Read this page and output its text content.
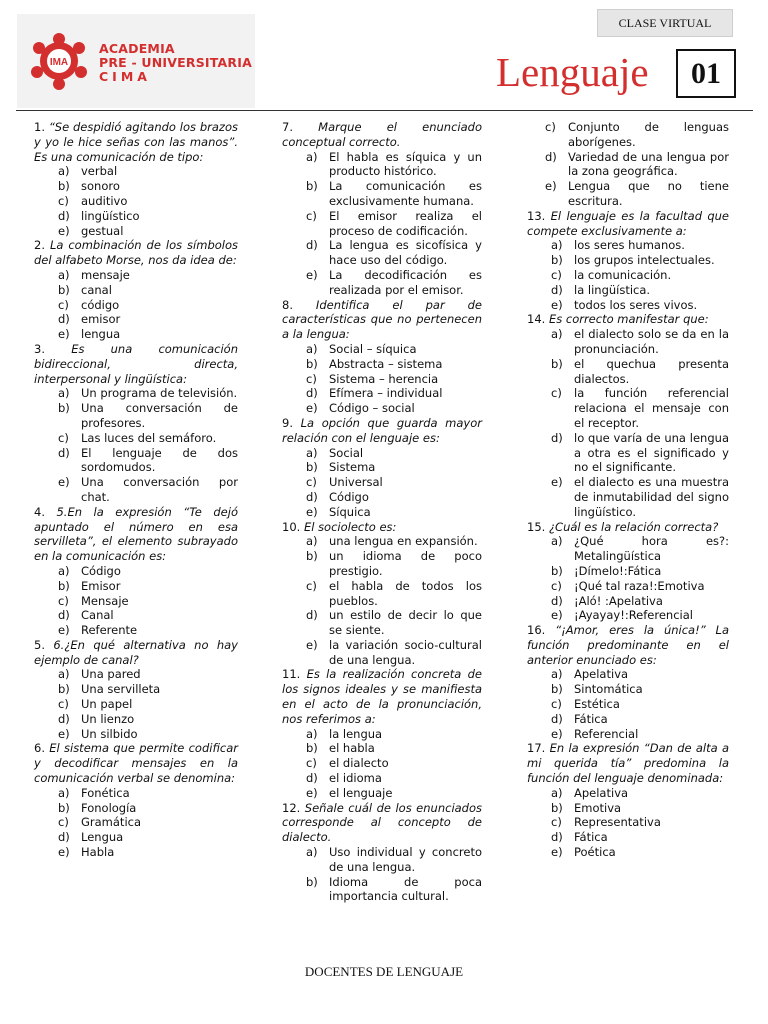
IMA
ACADEMIA
PRE - UNIVERSITARIA
CIMA
CLASE VIRTUAL
Lenguaje 01

1. “Se despidió agitando los brazos y yo le hice señas con las manos”. Es una comunicación de tipo:

a) verbal
b) sonoro
c)	auditivo
d) lingüístico
e) gestual

2. La combinación de los símbolos del alfabeto Morse, nos da idea de:

a) mensaje
b) canal
c)	código
d) emisor
e) lengua

3. Es una comunicación bidireccional, directa, interpersonal y lingüística:

a) Un programa de televisión.
b) Una conversación de profesores.
c)	Las luces del semáforo.
d) El lenguaje de dos sordomudos.
e) Una conversación por chat.

4. 5.En la expresión “Te dejó apuntado el número en esa servilleta”, el elemento subrayado en la comunicación es:

a) Código
b) Emisor
c)	Mensaje
d) Canal
e) Referente

5. 6.¿En qué alternativa no hay ejemplo de canal?

a) Una pared
b) Una servilleta
c)	Un papel
d) Un lienzo
e) Un silbido

6. El sistema que permite codificar y decodificar mensajes en la comunicación verbal se denomina:

a) Fonética
b) Fonología
c)	Gramática
d) Lengua
e) Habla

7. Marque el enunciado conceptual correcto.

a) El habla es síquica y un producto histórico.
b) La comunicación es exclusivamente humana.
c)	El emisor realiza el proceso de codificación.
d) La lengua es sicofísica y hace uso del código.
e) La decodificación es realizada por el emisor.

8. Identifica el par de características que no pertenecen a la lengua:

a) Social – síquica
b) Abstracta – sistema
c)	Sistema – herencia
d) Efímera – individual
e) Código – social

9. La opción que guarda mayor relación con el lenguaje es:

a) Social
b) Sistema
c)	Universal
d) Código
e) Síquica

10. El sociolecto es:

a) una lengua en expansión.
b) un idioma de poco prestigio.
c)	el habla de todos los pueblos.
d) un estilo de decir lo que se siente.
e) la variación socio-cultural de una lengua.

11. Es la realización concreta de los signos ideales y se manifiesta en el acto de la pronunciación, nos referimos a:

a) la lengua
b) el habla
c)	el dialecto
d) el idioma
e) el lenguaje

12. Señale cuál de los enunciados corresponde al concepto de dialecto.

a) Uso individual y concreto de una lengua.
b) Idioma de poca importancia cultural.
c)	Conjunto de lenguas aborígenes.
d) Variedad de una lengua por la zona geográfica.
e) Lengua que no tiene escritura.

13. El lenguaje es la facultad que compete exclusivamente a:

a) los seres humanos.
b) los grupos intelectuales.
c)	la comunicación.
d) la lingüística.
e) todos los seres vivos.

14. Es correcto manifestar que:

a) el dialecto solo se da en la pronunciación.
b) el quechua presenta dialectos.
c)	la función referencial relaciona el mensaje con el receptor.
d) lo que varía de una lengua a otra es el significado y no el significante.
e) el dialecto es una muestra de inmutabilidad del signo lingüístico.

15. ¿Cuál es la relación correcta?

a) ¿Qué hora es?: Metalingüística
b) ¡Dímelo!:Fática
c)	¡Qué tal raza!:Emotiva
d) ¡Aló! :Apelativa
e) ¡Ayayay!:Referencial

16. “¡Amor, eres la única!” La función predominante en el anterior enunciado es:

a) Apelativa
b) Sintomática
c)	Estética
d) Fática
e) Referencial

17. En la expresión “Dan de alta a mi querida tía” predomina la función del lenguaje denominada:

a) Apelativa
b) Emotiva
c)	Representativa
d) Fática
e) Poética
DOCENTES DE LENGUAJE
